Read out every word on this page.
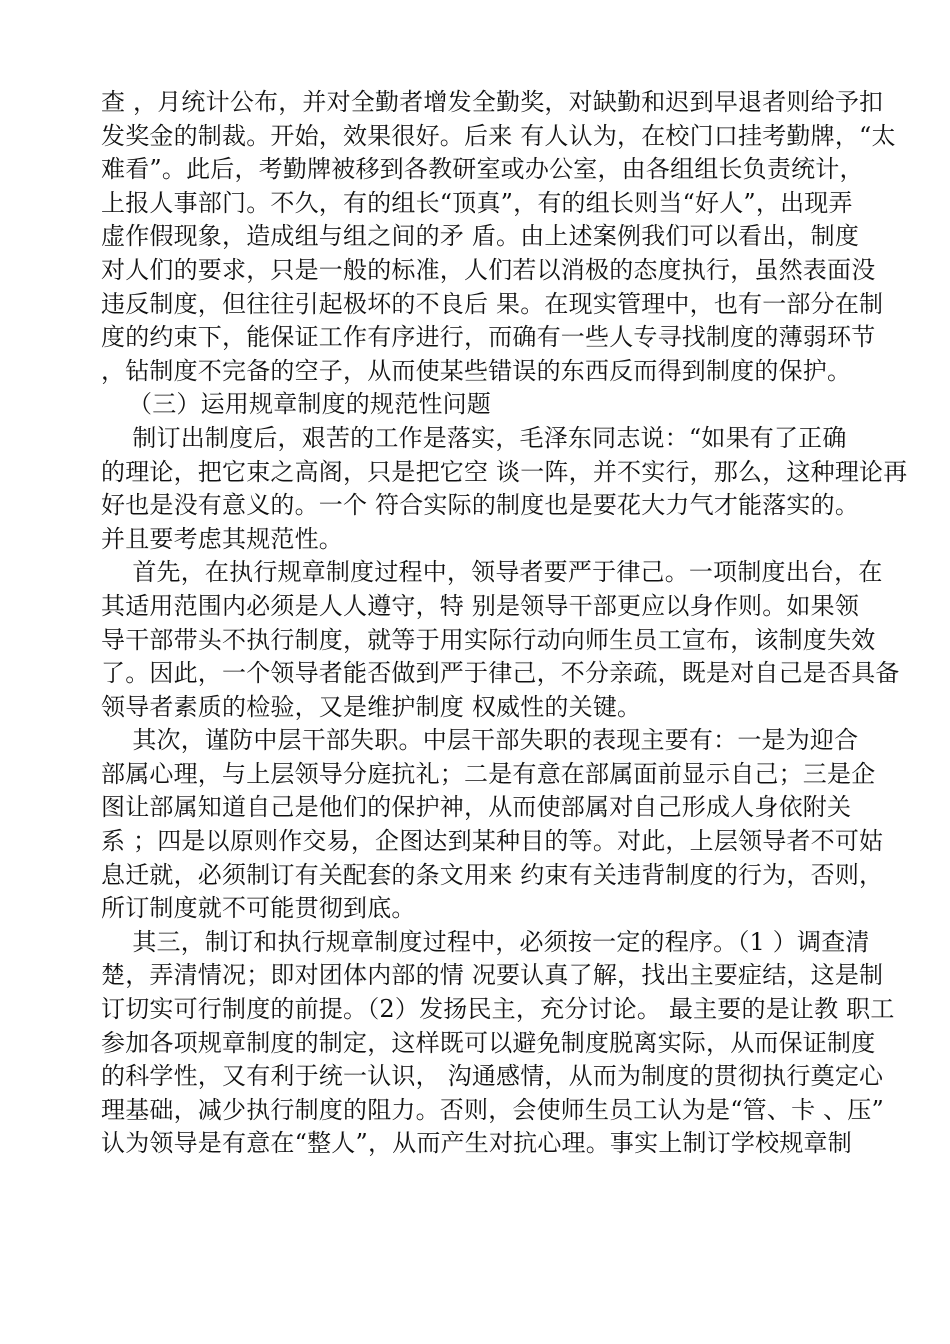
查 ，月统计公布，并对全勤者增发全勤奖，对缺勤和迟到早退者则给予扣
发奖金的制裁。开始，效果很好。后来 有人认为，在校门口挂考勤牌，“太
难看”。此后，考勤牌被移到各教研室或办公室，由各组组长负责统计，
上报人事部门。不久，有的组长“顶真”，有的组长则当“好人”，出现弄
虚作假现象，造成组与组之间的矛 盾。由上述案例我们可以看出，制度
对人们的要求，只是一般的标准，人们若以消极的态度执行，虽然表面没
违反制度，但往往引起极坏的不良后 果。在现实管理中，也有一部分在制
度的约束下，能保证工作有序进行，而确有一些人专寻找制度的薄弱环节
，钻制度不完备的空子，从而使某些错误的东西反而得到制度的保护。
（三）运用规章制度的规范性问题
制订出制度后，艰苦的工作是落实，毛泽东同志说：“如果有了正确
的理论，把它束之高阁，只是把它空 谈一阵，并不实行，那么，这种理论再
好也是没有意义的。一个 符合实际的制度也是要花大力气才能落实的。
并且要考虑其规范性。
首先，在执行规章制度过程中，领导者要严于律己。一项制度出台，在
其适用范围内必须是人人遵守，特 别是领导干部更应以身作则。如果领
导干部带头不执行制度，就等于用实际行动向师生员工宣布，该制度失效
了。因此，一个领导者能否做到严于律己，不分亲疏，既是对自己是否具备
领导者素质的检验，又是维护制度 权威性的关键。
其次，谨防中层干部失职。中层干部失职的表现主要有：一是为迎合
部属心理，与上层领导分庭抗礼；二是有意在部属面前显示自己；三是企
图让部属知道自己是他们的保护神，从而使部属对自己形成人身依附关
系 ；四是以原则作交易，企图达到某种目的等。对此，上层领导者不可姑
息迁就，必须制订有关配套的条文用来 约束有关违背制度的行为，否则，
所订制度就不可能贯彻到底。
其三，制订和执行规章制度过程中，必须按一定的程序。（1 ）调查清
楚，弄清情况；即对团体内部的情 况要认真了解，找出主要症结，这是制
订切实可行制度的前提。（2）发扬民主，充分讨论。 最主要的是让教 职工
参加各项规章制度的制定，这样既可以避免制度脱离实际，从而保证制度
的科学性，又有利于统一认识， 沟通感情，从而为制度的贯彻执行奠定心
理基础，减少执行制度的阻力。否则，会使师生员工认为是“管、卡 、压”
认为领导是有意在“整人”，从而产生对抗心理。事实上制订学校规章制
